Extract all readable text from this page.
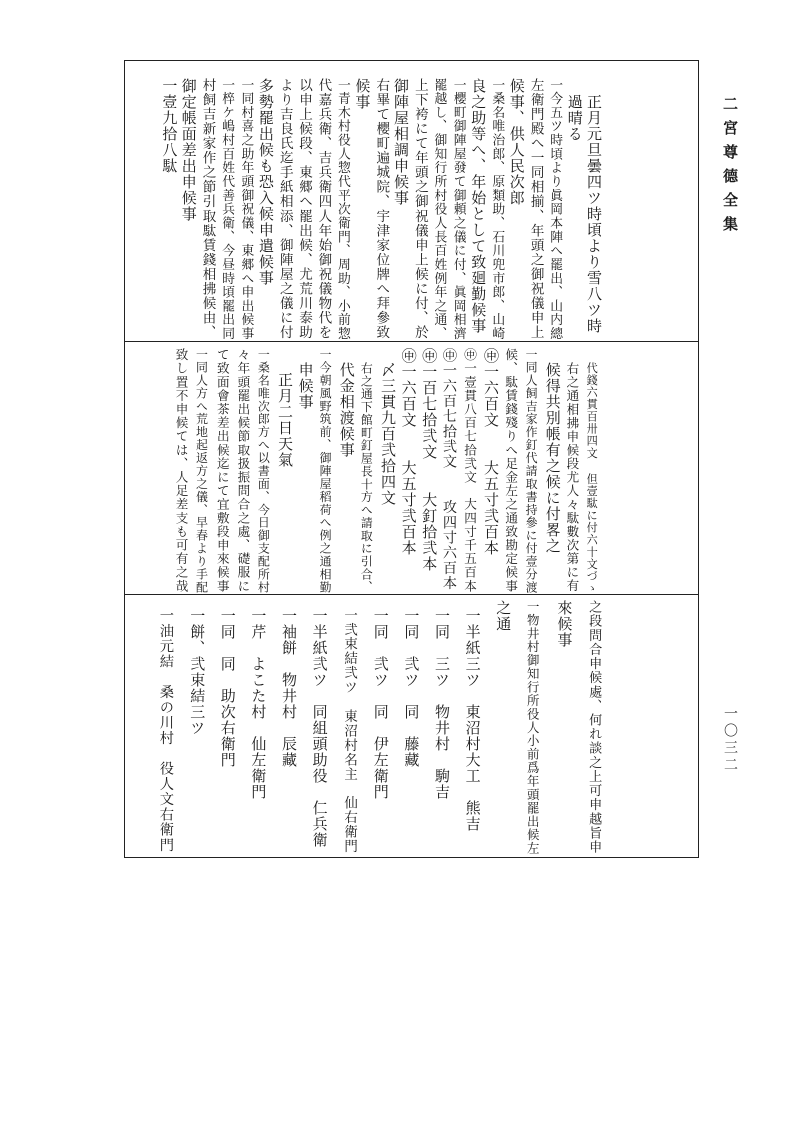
二宮尊德全集
一〇三二
正月元旦曇四ツ時頃より雪八ツ時
過晴る
一今五ツ時頃より眞岡本陣へ罷出、山内總
左衛門殿へ一同相揃、年頭之御祝儀申上
候事、供人民次郎
一桑名唯治郎、原類助、石川兜市郎、山崎
良之助等へ、年始として致廻勤候事
一櫻町御陣屋發て御頼之儀に付、眞岡相濟
罷越し、御知行所村役人長百姓例年之通、
上下袴にて年頭之御祝儀申上候に付、於
御陣屋相調申候事
右畢て櫻町遍城院、宇津家位牌へ拜參致
候事
一青木村役人惣代平次衛門、周助、小前惣
代嘉兵衛、吉兵衛四人年始御祝儀物代を
以申上候段、東郷へ罷出候、尤荒川泰助
より吉良氏迄手紙相添、御陣屋之儀に付
多勢罷出候も恐入候申遣候事
一同村喜之助年頭御祝儀、東郷へ申出候事
一椊ケ嶋村百姓代善兵衛、今昼時頃罷出同
村飼吉新家作之節引取駄賃錢相拂候由、
御定帳面差出申候事
一壹九拾八駄
代錢六貫百卅四文 但壹駄に付六十文づゝ
右之通相拂申候段尤人々駄數次第に有
候得共別帳有之候に付畧之
一同人飼吉家作釘代請取書持參に付壹分渡
候、駄賃錢殘りへ足金左之通致勘定候事
㊥一六百文　　大五寸弐百本
㊥一壹貫八百七拾弐文　大四寸千五百本
㊥一六百七拾弐文　　攻四寸六百本
㊥一百七拾弐文　　大釘拾弐本
㊥一六百文　　大五寸弐百本
〆三貫九百弐拾四文
右之通下館町釘屋長十方へ請取に引合、
代金相渡候事
一今朝風野筑前、御陣屋稻荷へ例之通相勤
申候事
正月二日天氣
一桑名唯次郎方へ以書面、今日御支配所村
々年頭罷出候節取扱振問合之處、礎服に
て致面會茶差出候迄にて宜敷段申來候事
一同人方へ荒地起返方之儀、早春より手配
致し置不申候ては、人足差支も可有之哉
之段問合申候處、何れ談之上可申越旨申
來候事
一物井村御知行所役人小前爲年頭罷出候左
之通
一半紙三ツ　東沼村大工　熊吉
一同　三ツ　物井村　駒吉
一同　弐ツ　同　藤藏
一同　弐ツ　同　伊左衛門
一弐束結弐ツ　東沼村名主　仙右衛門
一半紙弐ツ　同組頭助役　仁兵衛
一袖餅　物井村　辰藏
一芹　よこた村　仙左衛門
一同　同　助次右衛門
一餅、弐束結三ツ
一油元結　桑の川村　役人文右衛門
